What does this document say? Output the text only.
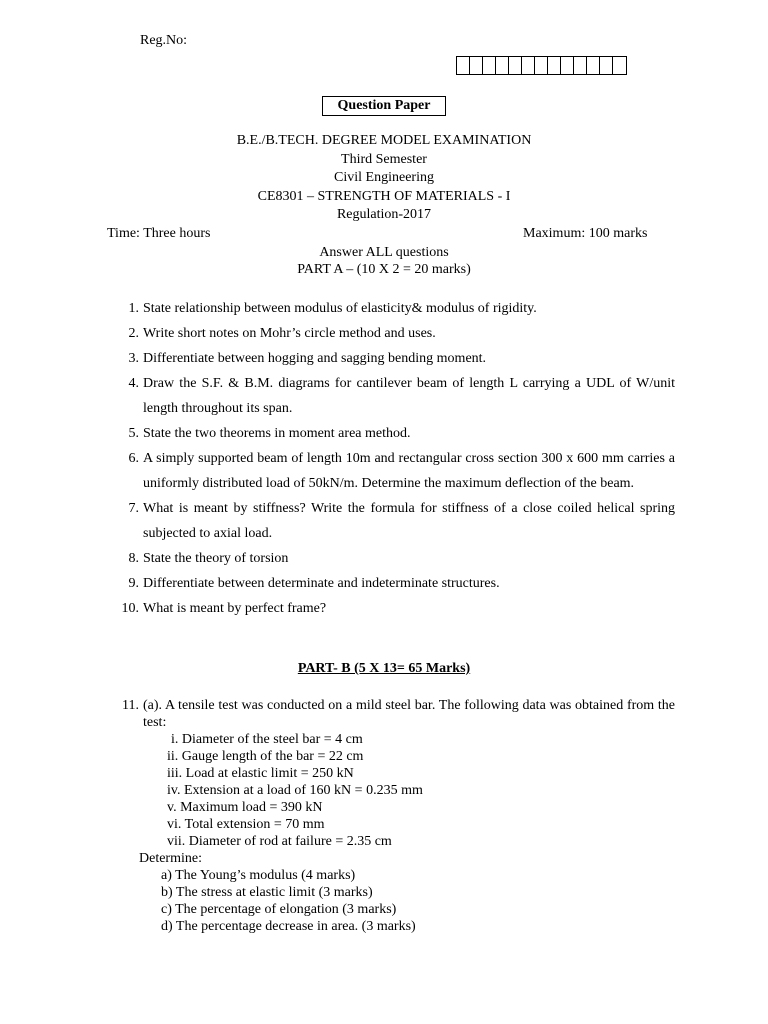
Reg.No:
Question Paper
B.E./B.TECH. DEGREE MODEL EXAMINATION
Third Semester
Civil Engineering
CE8301 – STRENGTH OF MATERIALS - I
Regulation-2017
Time: Three hours	Maximum: 100 marks
Answer ALL questions
PART A – (10 X 2 = 20 marks)
1. State relationship between modulus of elasticity& modulus of rigidity.
2. Write short notes on Mohr’s circle method and uses.
3. Differentiate between hogging and sagging bending moment.
4. Draw the S.F. & B.M. diagrams for cantilever beam of length L carrying a UDL of W/unit length throughout its span.
5. State the two theorems in moment area method.
6. A simply supported beam of length 10m and rectangular cross section 300 x 600 mm carries a uniformly distributed load of 50kN/m. Determine the maximum deflection of the beam.
7. What is meant by stiffness? Write the formula for stiffness of a close coiled helical spring subjected to axial load.
8. State the theory of torsion
9. Differentiate between determinate and indeterminate structures.
10. What is meant by perfect frame?
PART- B (5 X 13= 65 Marks)
11. (a). A tensile test was conducted on a mild steel bar. The following data was obtained from the test:
i. Diameter of the steel bar = 4 cm
ii. Gauge length of the bar = 22 cm
iii. Load at elastic limit = 250 kN
iv. Extension at a load of 160 kN = 0.235 mm
v. Maximum load = 390 kN
vi. Total extension = 70 mm
vii. Diameter of rod at failure = 2.35 cm
Determine:
a) The Young’s modulus (4 marks)
b) The stress at elastic limit (3 marks)
c) The percentage of elongation (3 marks)
d) The percentage decrease in area. (3 marks)
